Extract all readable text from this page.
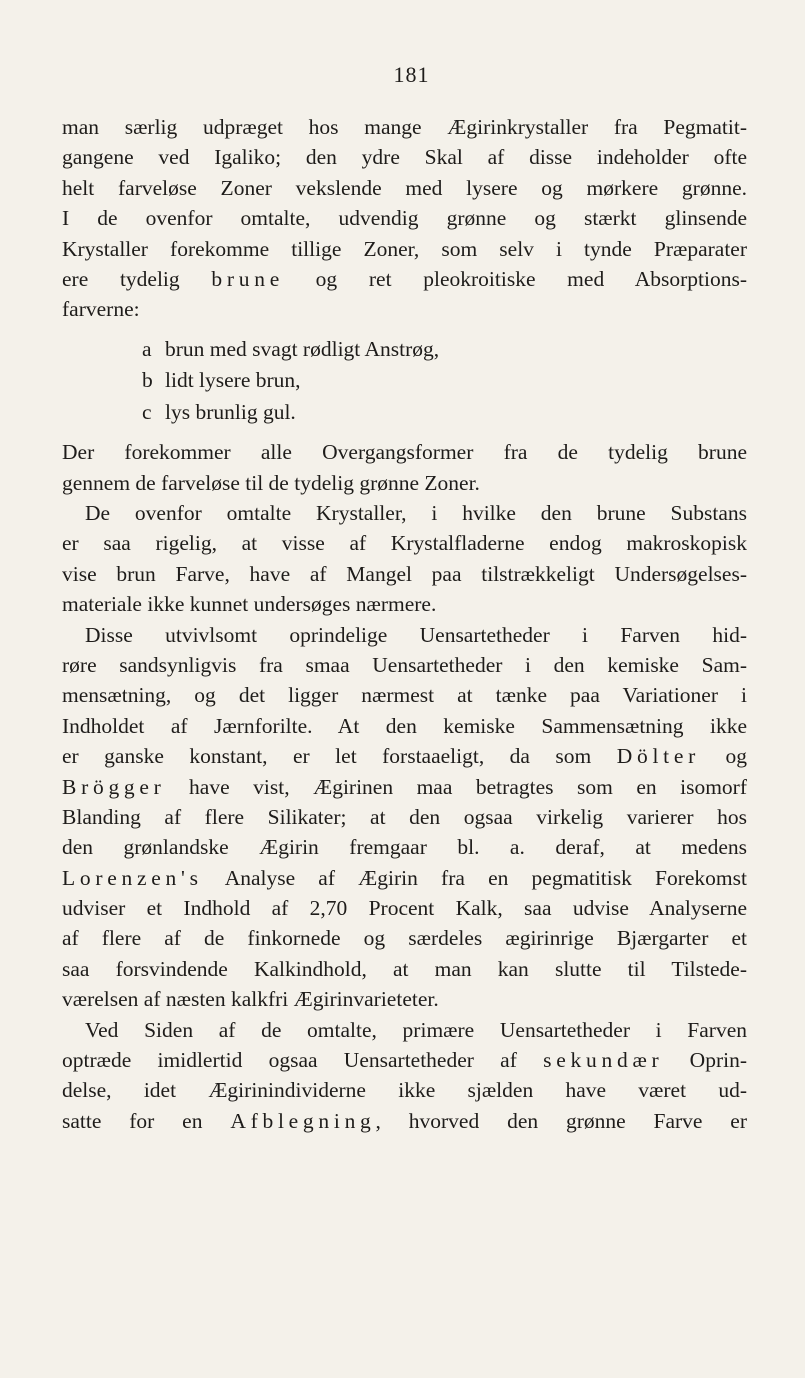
181
man særlig udpræget hos mange Ægirinkrystaller fra Pegmatit-
gangene ved Igaliko; den ydre Skal af disse indeholder ofte
helt farveløse Zoner vekslende med lysere og mørkere grønne.
I de ovenfor omtalte, udvendig grønne og stærkt glinsende
Krystaller forekomme tillige Zoner, som selv i tynde Præparater
ere tydelig brune og ret pleokroitiske med Absorptions-
farverne:
a brun med svagt rødligt Anstrøg,
b lidt lysere brun,
c lys brunlig gul.
Der forekommer alle Overgangsformer fra de tydelig brune
gennem de farveløse til de tydelig grønne Zoner.
De ovenfor omtalte Krystaller, i hvilke den brune Substans
er saa rigelig, at visse af Krystalfladerne endog makroskopisk
vise brun Farve, have af Mangel paa tilstrækkeligt Undersøgelses-
materiale ikke kunnet undersøges nærmere.
Disse utvivlsomt oprindelige Uensartetheder i Farven hid-
røre sandsynligvis fra smaa Uensartetheder i den kemiske Sam-
mensætning, og det ligger nærmest at tænke paa Variationer i
Indholdet af Jærnforilte. At den kemiske Sammensætning ikke
er ganske konstant, er let forstaaeligt, da som Dölter og
Brögger have vist, Ægirinen maa betragtes som en isomorf
Blanding af flere Silikater; at den ogsaa virkelig varierer hos
den grønlandske Ægirin fremgaar bl. a. deraf, at medens
Lorenzen's Analyse af Ægirin fra en pegmatitisk Forekomst
udviser et Indhold af 2,70 Procent Kalk, saa udvise Analyserne
af flere af de finkornede og særdeles ægirinrige Bjærgarter et
saa forsvindende Kalkindhold, at man kan slutte til Tilstede-
værelsen af næsten kalkfri Ægirinvarieteter.
Ved Siden af de omtalte, primære Uensartetheder i Farven
optræde imidlertid ogsaa Uensartetheder af sekundær Oprin-
delse, idet Ægirinindividerne ikke sjælden have været ud-
satte for en Afblegning, hvorved den grønne Farve er
